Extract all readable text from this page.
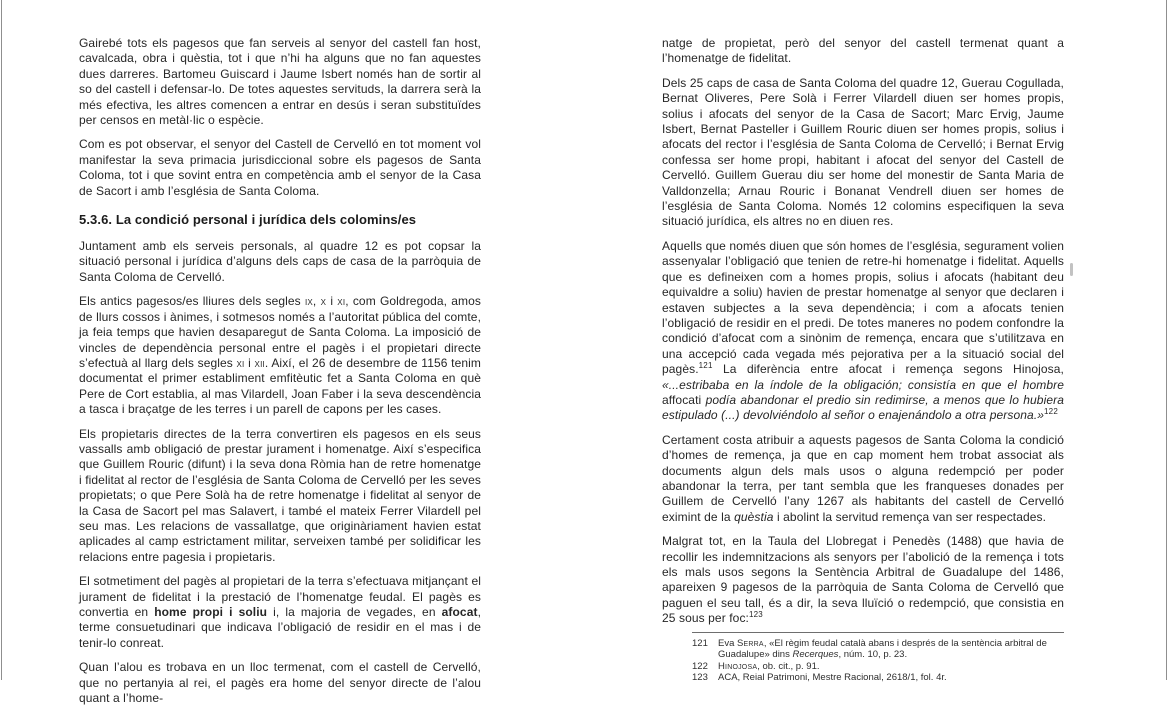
Gairebé tots els pagesos que fan serveis al senyor del castell fan host, cavalcada, obra i quèstia, tot i que n’hi ha alguns que no fan aquestes dues darreres. Bartomeu Guiscard i Jaume Isbert només han de sortir al so del castell i defensar-lo. De totes aquestes servituds, la darrera serà la més efectiva, les altres comencen a entrar en desús i seran substituïdes per censos en metàl·lic o espècie.

Com es pot observar, el senyor del Castell de Cervelló en tot moment vol manifestar la seva primacia jurisdiccional sobre els pagesos de Santa Coloma, tot i que sovint entra en competència amb el senyor de la Casa de Sacort i amb l’església de Santa Coloma.

5.3.6. La condició personal i jurídica dels colomins/es

Juntament amb els serveis personals, al quadre 12 es pot copsar la situació personal i jurídica d’alguns dels caps de casa de la parròquia de Santa Coloma de Cervelló.

Els antics pagesos/es lliures dels segles ix, x i xi, com Goldregoda, amos de llurs cossos i ànimes, i sotmesos només a l’autoritat pública del comte, ja feia temps que havien desaparegut de Santa Coloma. La imposició de vincles de dependència personal entre el pagès i el propietari directe s’efectuà al llarg dels segles xi i xii. Així, el 26 de desembre de 1156 tenim documentat el primer establiment emfitèutic fet a Santa Coloma en què Pere de Cort establia, al mas Vilardell, Joan Faber i la seva descendència a tasca i braçatge de les terres i un parell de capons per les cases.

Els propietaris directes de la terra convertiren els pagesos en els seus vassalls amb obligació de prestar jurament i homenatge. Així s’especifica que Guillem Rouric (difunt) i la seva dona Ròmia han de retre homenatge i fidelitat al rector de l’església de Santa Coloma de Cervelló per les seves propietats; o que Pere Solà ha de retre homenatge i fidelitat al senyor de la Casa de Sacort pel mas Salavert, i també el mateix Ferrer Vilardell pel seu mas. Les relacions de vassallatge, que originàriament havien estat aplicades al camp estrictament militar, serveixen també per solidificar les relacions entre pagesia i propietaris.

El sotmetiment del pagès al propietari de la terra s’efectuava mitjançant el jurament de fidelitat i la prestació de l’homenatge feudal. El pagès es convertia en home propi i soliu i, la majoria de vegades, en afocat, terme consuetudinari que indicava l’obligació de residir en el mas i de tenir-lo conreat.

Quan l’alou es trobava en un lloc termenat, com el castell de Cervelló, que no pertanyia al rei, el pagès era home del senyor directe de l’alou quant a l’home-

natge de propietat, però del senyor del castell termenat quant a l’homenatge de fidelitat.

Dels 25 caps de casa de Santa Coloma del quadre 12, Guerau Cogullada, Bernat Oliveres, Pere Solà i Ferrer Vilardell diuen ser homes propis, solius i afocats del senyor de la Casa de Sacort; Marc Ervig, Jaume Isbert, Bernat Pasteller i Guillem Rouric diuen ser homes propis, solius i afocats del rector i l’església de Santa Coloma de Cervelló; i Bernat Ervig confessa ser home propi, habitant i afocat del senyor del Castell de Cervelló. Guillem Guerau diu ser home del monestir de Santa Maria de Valldonzella; Arnau Rouric i Bonanat Vendrell diuen ser homes de l’església de Santa Coloma. Només 12 colomins especifiquen la seva situació jurídica, els altres no en diuen res.

Aquells que només diuen que són homes de l’església, segurament volien assenyalar l’obligació que tenien de retre-hi homenatge i fidelitat. Aquells que es defineixen com a homes propis, solius i afocats (habitant deu equivaldre a soliu) havien de prestar homenatge al senyor que declaren i estaven subjectes a la seva dependència; i com a afocats tenien l’obligació de residir en el predi. De totes maneres no podem confondre la condició d’afocat com a sinònim de remença, encara que s’utilitzava en una accepció cada vegada més pejorativa per a la situació social del pagès.$^{121}$ La diferència entre afocat i remença segons Hinojosa, «...estribaba en la índole de la obligación; consistía en que el hombre affocati podía abandonar el predio sin redimirse, a menos que lo hubiera estipulado (...) devolviéndolo al señor o enajenándolo a otra persona.»$^{122}$

Certament costa atribuir a aquests pagesos de Santa Coloma la condició d’homes de remença, ja que en cap moment hem trobat associat als documents algun dels mals usos o alguna redempció per poder abandonar la terra, per tant sembla que les franqueses donades per Guillem de Cervelló l’any 1267 als habitants del castell de Cervelló eximint de la quèstia i abolint la servitud remença van ser respectades.

Malgrat tot, en la Taula del Llobregat i Penedès (1488) que havia de recollir les indemnitzacions als senyors per l’abolició de la remença i tots els mals usos segons la Sentència Arbitral de Guadalupe del 1486, apareixen 9 pagesos de la parròquia de Santa Coloma de Cervelló que paguen el seu tall, és a dir, la seva lluïció o redempció, que consistia en 25 sous per foc:$^{123}$

121	Eva Serra, «El règim feudal català abans i després de la sentència arbitral de Guadalupe» dins Recerques, núm. 10, p. 23.
122	Hinojosa, ob. cit., p. 91.
123	ACA, Reial Patrimoni, Mestre Racional, 2618/1, fol. 4r.
